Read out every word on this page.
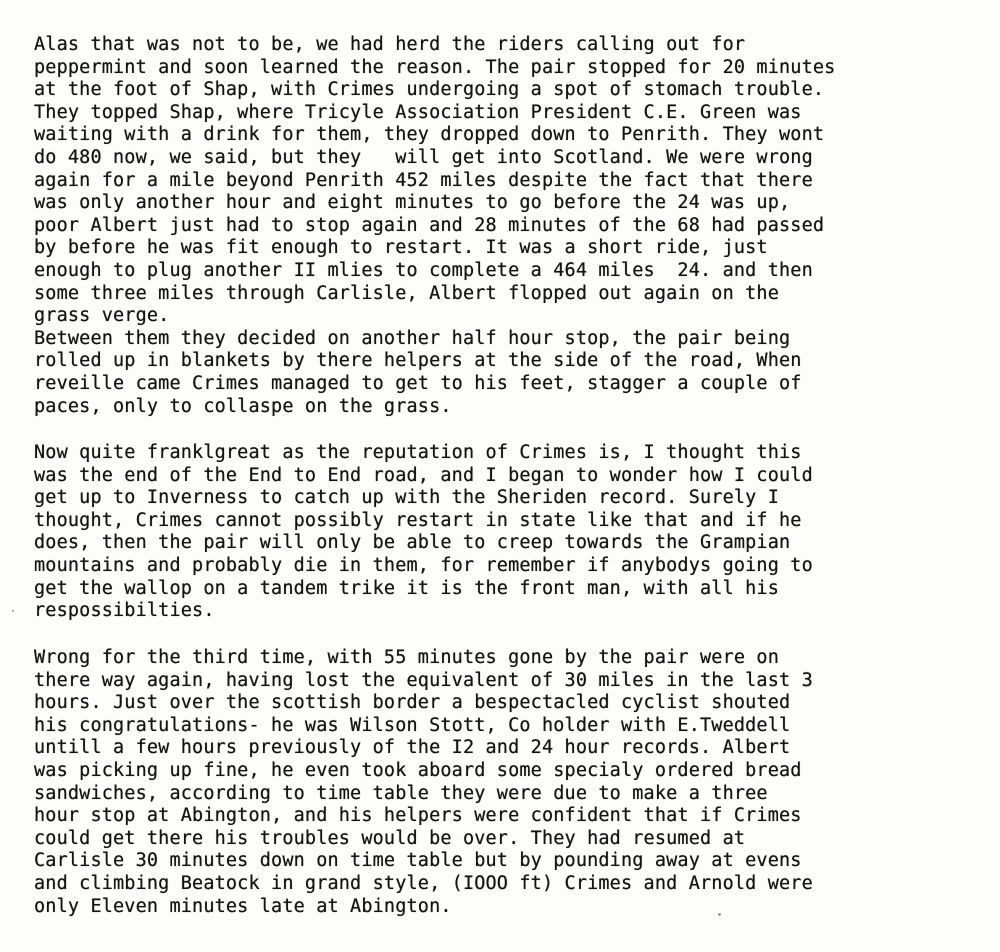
Alas that was not to be, we had herd the riders calling out for
peppermint and soon learned the reason. The pair stopped for 20 minutes
at the foot of Shap, with Crimes undergoing a spot of stomach trouble.
They topped Shap, where Tricyle Association President C.E. Green was
waiting with a drink for them, they dropped down to Penrith. They wont
do 480 now, we said, but they   will get into Scotland. We were wrong
again for a mile beyond Penrith 452 miles despite the fact that there
was only another hour and eight minutes to go before the 24 was up,
poor Albert just had to stop again and 28 minutes of the 68 had passed
by before he was fit enough to restart. It was a short ride, just
enough to plug another II mlies to complete a 464 miles  24. and then
some three miles through Carlisle, Albert flopped out again on the
grass verge.
Between them they decided on another half hour stop, the pair being
rolled up in blankets by there helpers at the side of the road, When
reveille came Crimes managed to get to his feet, stagger a couple of
paces, only to collaspe on the grass.
Now quite franklgreat as the reputation of Crimes is, I thought this
was the end of the End to End road, and I began to wonder how I could
get up to Inverness to catch up with the Sheriden record. Surely I
thought, Crimes cannot possibly restart in state like that and if he
does, then the pair will only be able to creep towards the Grampian
mountains and probably die in them, for remember if anybodys going to
get the wallop on a tandem trike it is the front man, with all his
respossibilties.
Wrong for the third time, with 55 minutes gone by the pair were on
there way again, having lost the equivalent of 30 miles in the last 3
hours. Just over the scottish border a bespectacled cyclist shouted
his congratulations- he was Wilson Stott, Co holder with E.Tweddell
untill a few hours previously of the I2 and 24 hour records. Albert
was picking up fine, he even took aboard some specialy ordered bread
sandwiches, according to time table they were due to make a three
hour stop at Abington, and his helpers were confident that if Crimes
could get there his troubles would be over. They had resumed at
Carlisle 30 minutes down on time table but by pounding away at evens
and climbing Beatock in grand style, (IOOO ft) Crimes and Arnold were
only Eleven minutes late at Abington.
